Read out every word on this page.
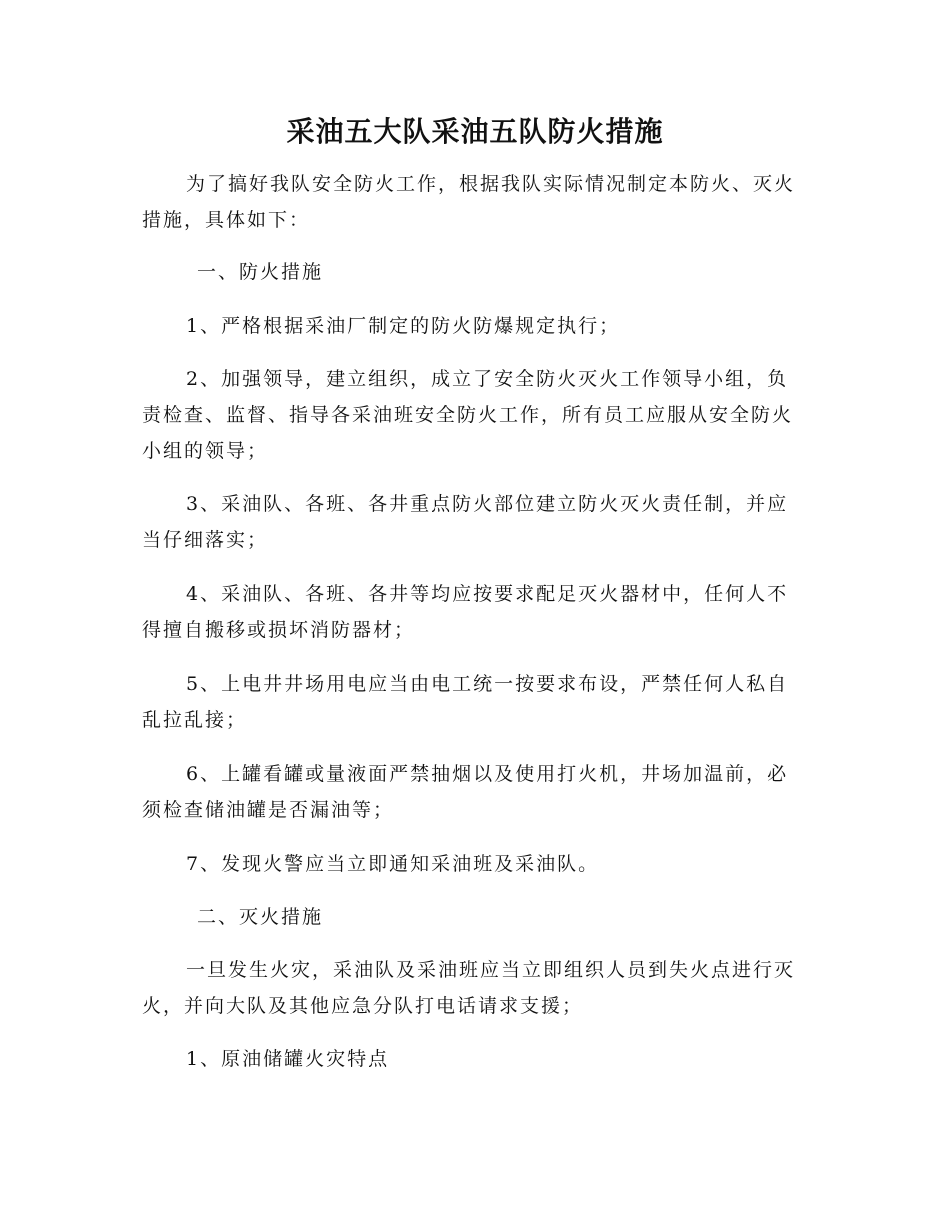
采油五大队采油五队防火措施

为了搞好我队安全防火工作，根据我队实际情况制定本防火、灭火措施，具体如下：

一、防火措施

1、严格根据采油厂制定的防火防爆规定执行；

2、加强领导，建立组织，成立了安全防火灭火工作领导小组，负责检查、监督、指导各采油班安全防火工作，所有员工应服从安全防火小组的领导；

3、采油队、各班、各井重点防火部位建立防火灭火责任制，并应当仔细落实；

4、采油队、各班、各井等均应按要求配足灭火器材中，任何人不得擅自搬移或损坏消防器材；

5、上电井井场用电应当由电工统一按要求布设，严禁任何人私自乱拉乱接；

6、上罐看罐或量液面严禁抽烟以及使用打火机，井场加温前，必须检查储油罐是否漏油等；

7、发现火警应当立即通知采油班及采油队。

二、灭火措施

一旦发生火灾，采油队及采油班应当立即组织人员到失火点进行灭火，并向大队及其他应急分队打电话请求支援；

1、原油储罐火灾特点
